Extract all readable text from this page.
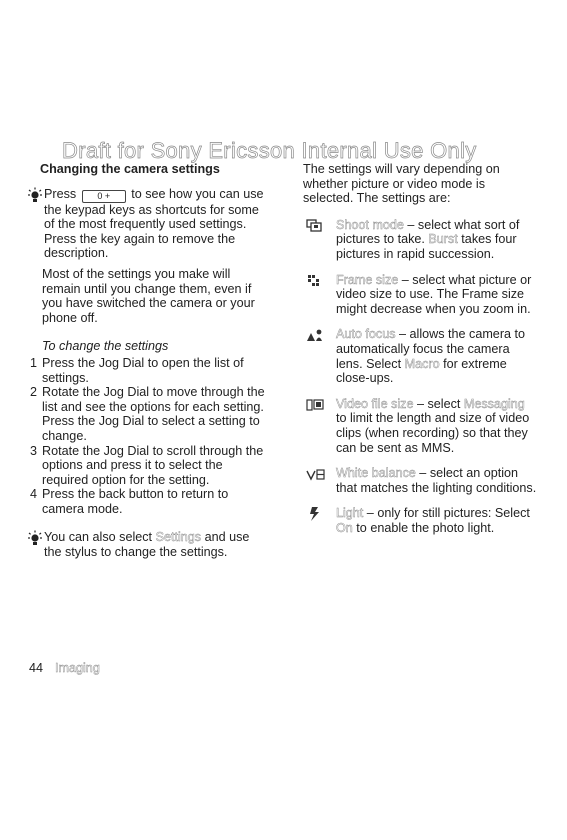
Draft for Sony Ericsson Internal Use Only
Changing the camera settings
Press 0 + to see how you can use the keypad keys as shortcuts for some of the most frequently used settings. Press the key again to remove the description.
Most of the settings you make will remain until you change them, even if you have switched the camera or your phone off.
To change the settings
1 Press the Jog Dial to open the list of settings.
2 Rotate the Jog Dial to move through the list and see the options for each setting. Press the Jog Dial to select a setting to change.
3 Rotate the Jog Dial to scroll through the options and press it to select the required option for the setting.
4 Press the back button to return to camera mode.
You can also select Settings and use the stylus to change the settings.
The settings will vary depending on whether picture or video mode is selected. The settings are:
Shoot mode – select what sort of pictures to take. Burst takes four pictures in rapid succession.
Frame size – select what picture or video size to use. The Frame size might decrease when you zoom in.
Auto focus – allows the camera to automatically focus the camera lens. Select Macro for extreme close-ups.
Video file size – select Messaging to limit the length and size of video clips (when recording) so that they can be sent as MMS.
White balance – select an option that matches the lighting conditions.
Light – only for still pictures: Select On to enable the photo light.
44 Imaging
